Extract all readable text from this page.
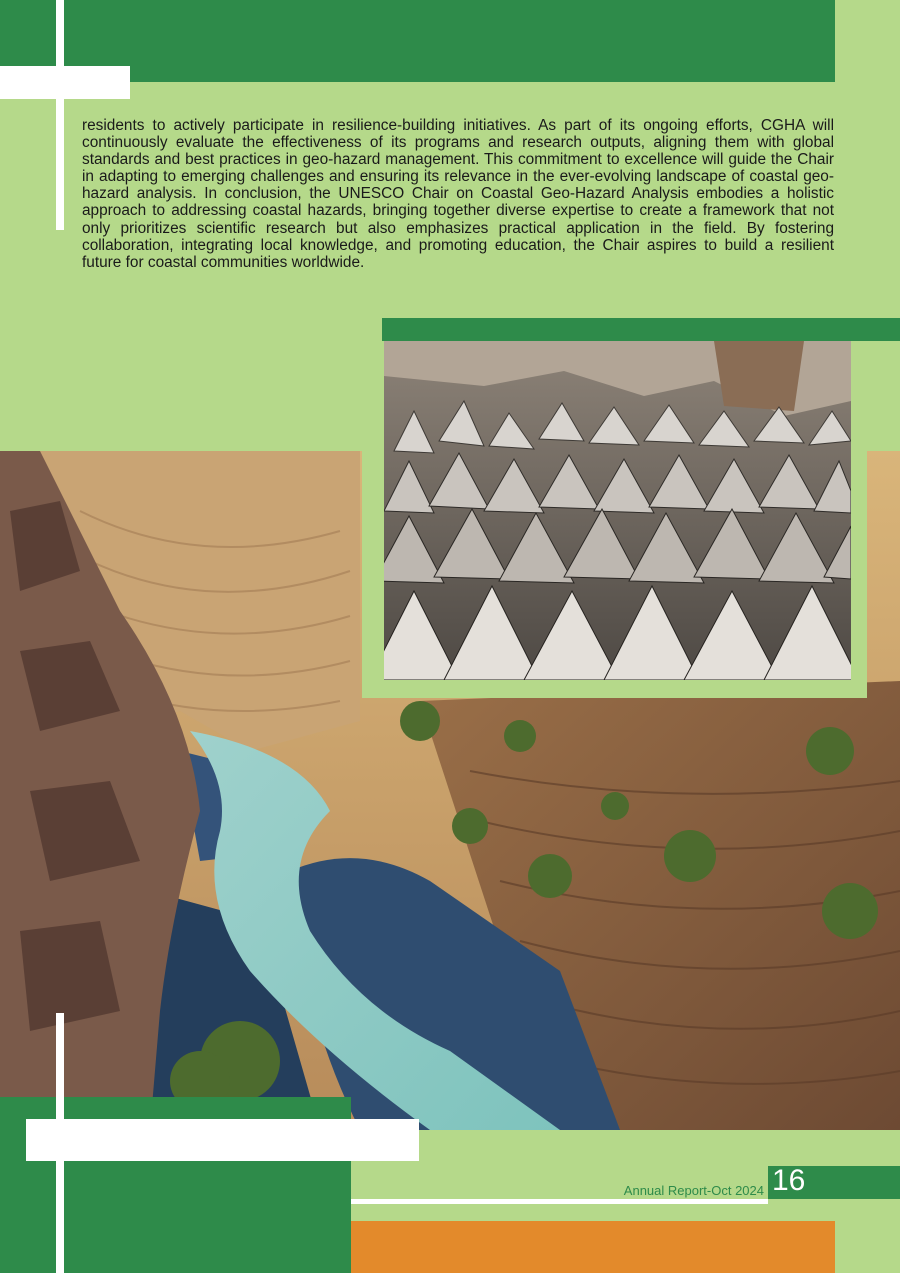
residents to actively participate in resilience-building initiatives. As part of its ongoing efforts, CGHA will continuously evaluate the effectiveness of its programs and research outputs, aligning them with global standards and best practices in geo-hazard management. This commitment to excellence will guide the Chair in adapting to emerging challenges and ensuring its relevance in the ever-evolving landscape of coastal geo-hazard analysis. In conclusion, the UNESCO Chair on Coastal Geo-Hazard Analysis embodies a holistic approach to addressing coastal hazards, bringing together diverse expertise to create a framework that not only prioritizes scientific research but also emphasizes practical application in the field. By fostering collaboration, integrating local knowledge, and promoting education, the Chair aspires to build a resilient future for coastal communities worldwide.

Annual Report-Oct 2024 16
